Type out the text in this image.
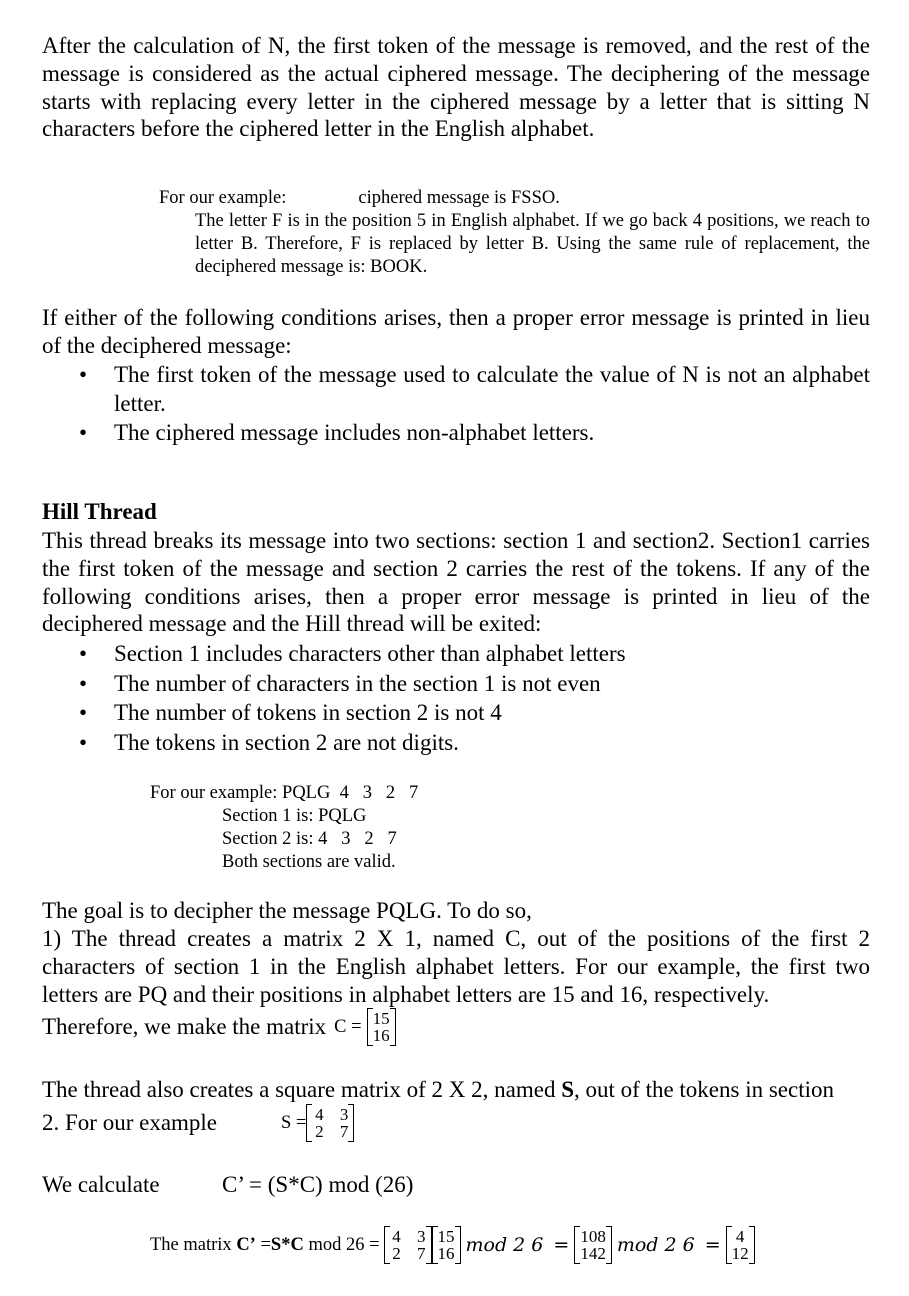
After the calculation of N, the first token of the message is removed, and the rest of the message is considered as the actual ciphered message. The deciphering of the message starts with replacing every letter in the ciphered message by a letter that is sitting N characters before the ciphered letter in the English alphabet.

For our example:	ciphered message is FSSO.

The letter F is in the position 5 in English alphabet. If we go back 4 positions, we reach to letter B. Therefore, F is replaced by letter B. Using the same rule of replacement, the deciphered message is: BOOK.

If either of the following conditions arises, then a proper error message is printed in lieu of the deciphered message:

• The first token of the message used to calculate the value of N is not an alphabet letter.
• The ciphered message includes non-alphabet letters.
Hill Thread

This thread breaks its message into two sections: section 1 and section2. Section1 carries the first token of the message and section 2 carries the rest of the tokens. If any of the following conditions arises, then a proper error message is printed in lieu of the deciphered message and the Hill thread will be exited:

• Section 1 includes characters other than alphabet letters
• The number of characters in the section 1 is not even
• The number of tokens in section 2 is not 4
• The tokens in section 2 are not digits.

For our example: PQLG  4   3   2   7

Section 1 is: PQLG

Section 2 is: 4   3   2   7

Both sections are valid.

The goal is to decipher the message PQLG. To do so,

1) The thread creates a matrix 2 X 1, named C, out of the positions of the first 2 characters of section 1 in the English alphabet letters. For our example, the first two letters are PQ and their positions in alphabet letters are 15 and 16, respectively.

Therefore, we make the matrix C = 15
16

The thread also creates a square matrix of 2 X 2, named S, out of the tokens in section

2. For our example	S = 4 3
2 7

We calculate	C’ = (S*C) mod (26)

The matrix
C’
= S*C
mod 26 = 4 3
2 7
15
16 mod 2 6 = 108
142 mod 2 6 = 4
12
